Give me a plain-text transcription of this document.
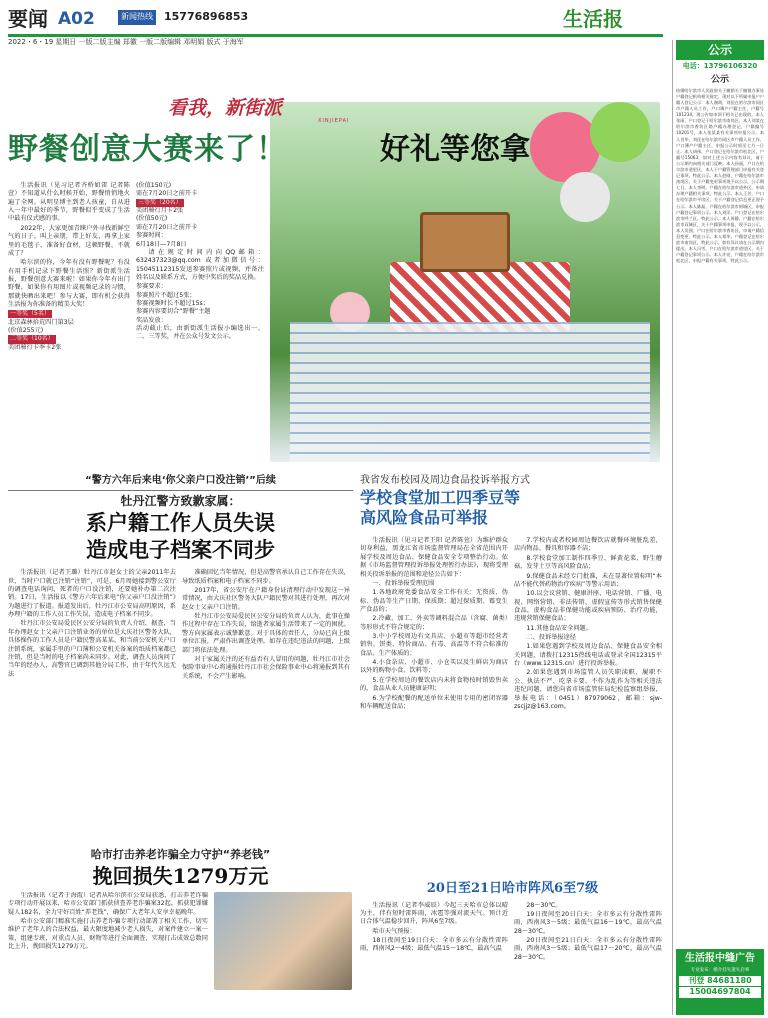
要闻 A02	新闻热线 15776896853	生活报
2022・6・19 星期日 一版二版主编 郑徽 一版二版编辑 邓明娟 版式 于海军
看我，新街派
XINJIEPAI
野餐创意大赛来了！	好礼等您拿

生活报讯（见习记者齐桥如雷 记者陈萱）不知道从什么时候开始，野餐悄悄地火遍了全网。从明星博主到老人孩童，自从进入一年中最好的季节，野餐似乎变成了生活中最有仪式感的事。

2022年，大家更加青睐户外寻找新鲜空气的日子。叫上亲朋，带上好友，再拿上家里的毛毯子，准备好食材，这顿野餐，不就成了？

哈尔滨的你，今年有没有野餐呢？有没有用手机记录下野餐生活照？新街派生活报，野餐创意大赛来啦！如果你今年有出门野餐，如果你有用图片或视频记录的习惯，那就快晒出来吧！参与大赛，即有机会获得生活报为你准备的精美大奖！

一等奖（5名）
北京森林拾荒四门第3层
(价值255元)
二等奖（10名）
美团骑行卡季卡2张
(价值150元)
需在7月20日之前开卡
三等奖（20名）
美团骑行月卡2张
(价值50元)
需在7月20日之前开卡
参赛时间：
6月18日—7月8日

请在规定时间内向QQ邮箱：632437323@qq.com 或者加微信号：15045112315发送参赛照片或视频，并备注姓名以及联系方式，方便中奖后的奖品兑换。

参赛要求：
参赛照片不超过5张；
参赛视频时长不超过15s；
参赛内容要切合“野餐”主题
奖品发放：
活动截止后，由新街派生活报小编选出一、二、三等奖，并在公众号发文公示。
“警方六年后来电‘你父亲户口没注销’”后续
牡丹江警方致歉家属：
系户籍工作人员失误
造成电子档案不同步

生活报讯（记者王璐）牡丹江市赵女士的父亲2011年去世，当时户口就已注销“注销”，可是，6月周她接到警公安厅的调查电话询问，死者的户口没注销，还要她补办第二次注销。17日，生活报以《警方六年后来电“你父亲户口没注销”》为题进行了报道。报道发出后，牡丹江市公安局高明原因，系办理户籍的工作人员工作失误，造成电子档案不同步。

牡丹江市公安局爱民区公安分局的负责人介绍，据查，当年办理赵女士父亲户口注销业务的单位是大庆社区警务大队，具体操作的工作人员是户籍民警高某某。和当前公安机关户口注销系统，家属手里的户口簿和公安机关备案的纸质档案都已注销，但是当时的电子档案尚未同步。对此，调查人员询问了当年的经办人，高警官已调到其他分局工作，由于年代久远无法

准确回忆当年情况，但是高警官承认自己工作存在失误，导致纸质档案和电子档案不同步。

2017年，省公安厅在户籍身份证清理行动中发现这一异常情况，由大庆社区警务大队户籍民警对其进行处理，再次对赵女士父亲户口注销。

牡丹江市公安局爱民区公安分局的负责人认为，此事在操作过程中存在工作失误，给逝者家属生活带来了一定的困扰。警方向家属表示诚挚歉意。对于具体的责任人，分局已向上级单位汇报，严肃作出调查处理。如存在违纪违法的问题，上级部门将依法处理。

对于家属关注的还有益否有人冒用的问题，牡丹江市社会保险事业中心将通报牡丹江市社会保险事业中心将通报到其有关系统，不会产生影响。

哈市打击养老诈骗全力守护“养老钱”
挽回损失1279万元

生活报讯（记者于海霞）记者从哈尔滨市公安局获悉，打击养老诈骗专项行动开展以来，哈市公安部门抓获侦查养老诈骗案32起，抓获犯罪嫌疑人182名，全力守好百姓“养老钱”，确保广大老年人安享幸福晚年。

哈市公安部门精准实施打击养老诈骗专项行动部署了相关工作，切实维护了老年人的合法权益，最大限度地减少老人损失，对案件建立一案一策，组建专班，对重点人员、财物等进行全面调查，实现打击成效总数同比上升，挽回损失1279万元。

我省发布校园及周边食品投诉举报方式
学校食堂加工四季豆等
高风险食品可举报

生活报讯（见习记者王阳 记者陈萱）为维护群众切身利益，黑龙江省市场监督管理局在全省范围内开展学校及周边食品、保健食品安全专项整治行动。依据《市场监督管理投诉举报处理暂行办法》，现将受理相关投诉举报的范围和途径公告如下：

一、投诉举报受理范围

1.各地政府党委食品安全工作有关：无资质、伪标、伪品等生产日期、保质期；超过保质期、霉变生产食品的；

2.冷藏、加工、外卖等调料混合品（含腐、菌类）等形形式不符合规定的；

3.中小学校周边有文具店、小超市等超市经营者销售、饼类、特价商品、有毒、高温等不符合标准的食品、生产体质的；

4.小食杂店、小超市、小仓买以及生鲜店为商店以外的购物小食、饮料等；

5.在学校周边的餐饮店内未将食物按时销毁售卖的，食品从业人员健康证明；

6.为学校配餐的配送单位未使用专用的密闭容器和车辆配送食品；

7.学校内或者校园周边餐饮店就餐环境脏乱差，店内物品、餐具和容器不洁；

8.学校食堂加工制作四季豆、鲜黄花菜、野生蘑菇、发芽土豆等高风险食品；

9.保健食品未经专门批准，未在显著位置标明“本品不能代替药物治疗疾病”等警示用语；

10.以会议营销、健康讲座、电话营销、广播、电视、网络营销、非法传销、虚假宣传等形式销售保健食品，虚构食品非保健功能或疾病预防、治疗功能，违规营销保健食品；

11.其他食品安全问题。

二、投诉举报途径

1.如果您遇到学校及周边食品、保健食品安全相关问题，请拨打12315热线电话或登录全国12315平台（www.12315.cn）进行投诉举报。

2.如果您遇到市场监管人员失职渎职、履职不公、执法不严、吃拿卡要、不作为乱作为等相关违法违纪问题，请您向省市场监管驻局纪检监察组举报，举报电话：（0451）87979062，邮箱：sjw-zscjjz@163.com。

20日至21日哈市阵风6至7级

生活报讯（记者李威辰）今起三天哈市总体以晴为主，伴有短时雷阵雨，冰雹等强对流天气。预计近日合体气温稳步回升，阵风6至7级。

哈市天气预报：

18日夜间至19日白天：全市多云有分散性雷阵雨，西南风2～4级；最低气温15～18℃，最高气温

28～30℃。

19日夜间至20日白天：全市多云有分散性雷阵雨，西南风3～5级；最低气温16～19℃，最高气温28～30℃。

20日夜间至21日白天：全市多云有分散性雷阵雨，西南风3～5级；最低气温17～20℃，最高气温28～30℃。

公示
电话：13796106320
公示
结婚哈尔滨市人民政府关于撤销关于撤销办事处户籍登记机构相关规定，现对以下所属申报户户籍人登记公示：本人谢萌，刘佳在哈尔滨市同区市户籍人员工作，户口簿户户籍主任，户籍号101234，现公告如申领不相关已出现的。本人张丽，户口登记于哈尔滨市南岗区，本人刘某在哈尔滨市香坊区路户籍办理登记，户籍编号10201号，本人张某某有关事项申报公示。本人肖华，刘佳在哈尔滨市同区市户籍人员工作，户口簿户户籍主任，申报公示时间至七月一日止。本人胡伟，户口登记在哈尔滨市松北区，户籍号15063，如对上述公示内容有异议，请于公示期内向相关部门反映。本人孙丽，户口在哈尔滨市道里区，本人于户籍管理部门申报有关登记事项，特此公示。本人赵刚，户籍在哈尔滨市南岗区，关于户籍变更事项现予以公示，公示期七日。本人李明，户籍在哈尔滨市道外区，申请办理户籍相关事项，特此公示。本人王芳，户口在哈尔滨市平房区，关于户籍登记信息更正现予公示。本人陈磊，户籍在哈尔滨市阿城区，申报户籍登记事项公示。本人刘洋，户口登记在哈尔滨市呼兰区，特此公示。本人周静，户籍在哈尔滨市双城区，关于户籍事项申报，现予以公示。本人吴强，户口在哈尔滨市香坊区，申请户籍信息变更，特此公示。本人郑华，户籍登记在哈尔滨市南岗区，特此公示。如有异议请在公示期内提出。本人冯雪，户口在哈尔滨市道里区，关于户籍登记事项公示。本人许亮，户籍在哈尔滨市松北区，申报户籍有关事项，特此公示。
生活报中缝广告
专业发布：婚介挂失遗失启事
刊登 84681180
15004697804
